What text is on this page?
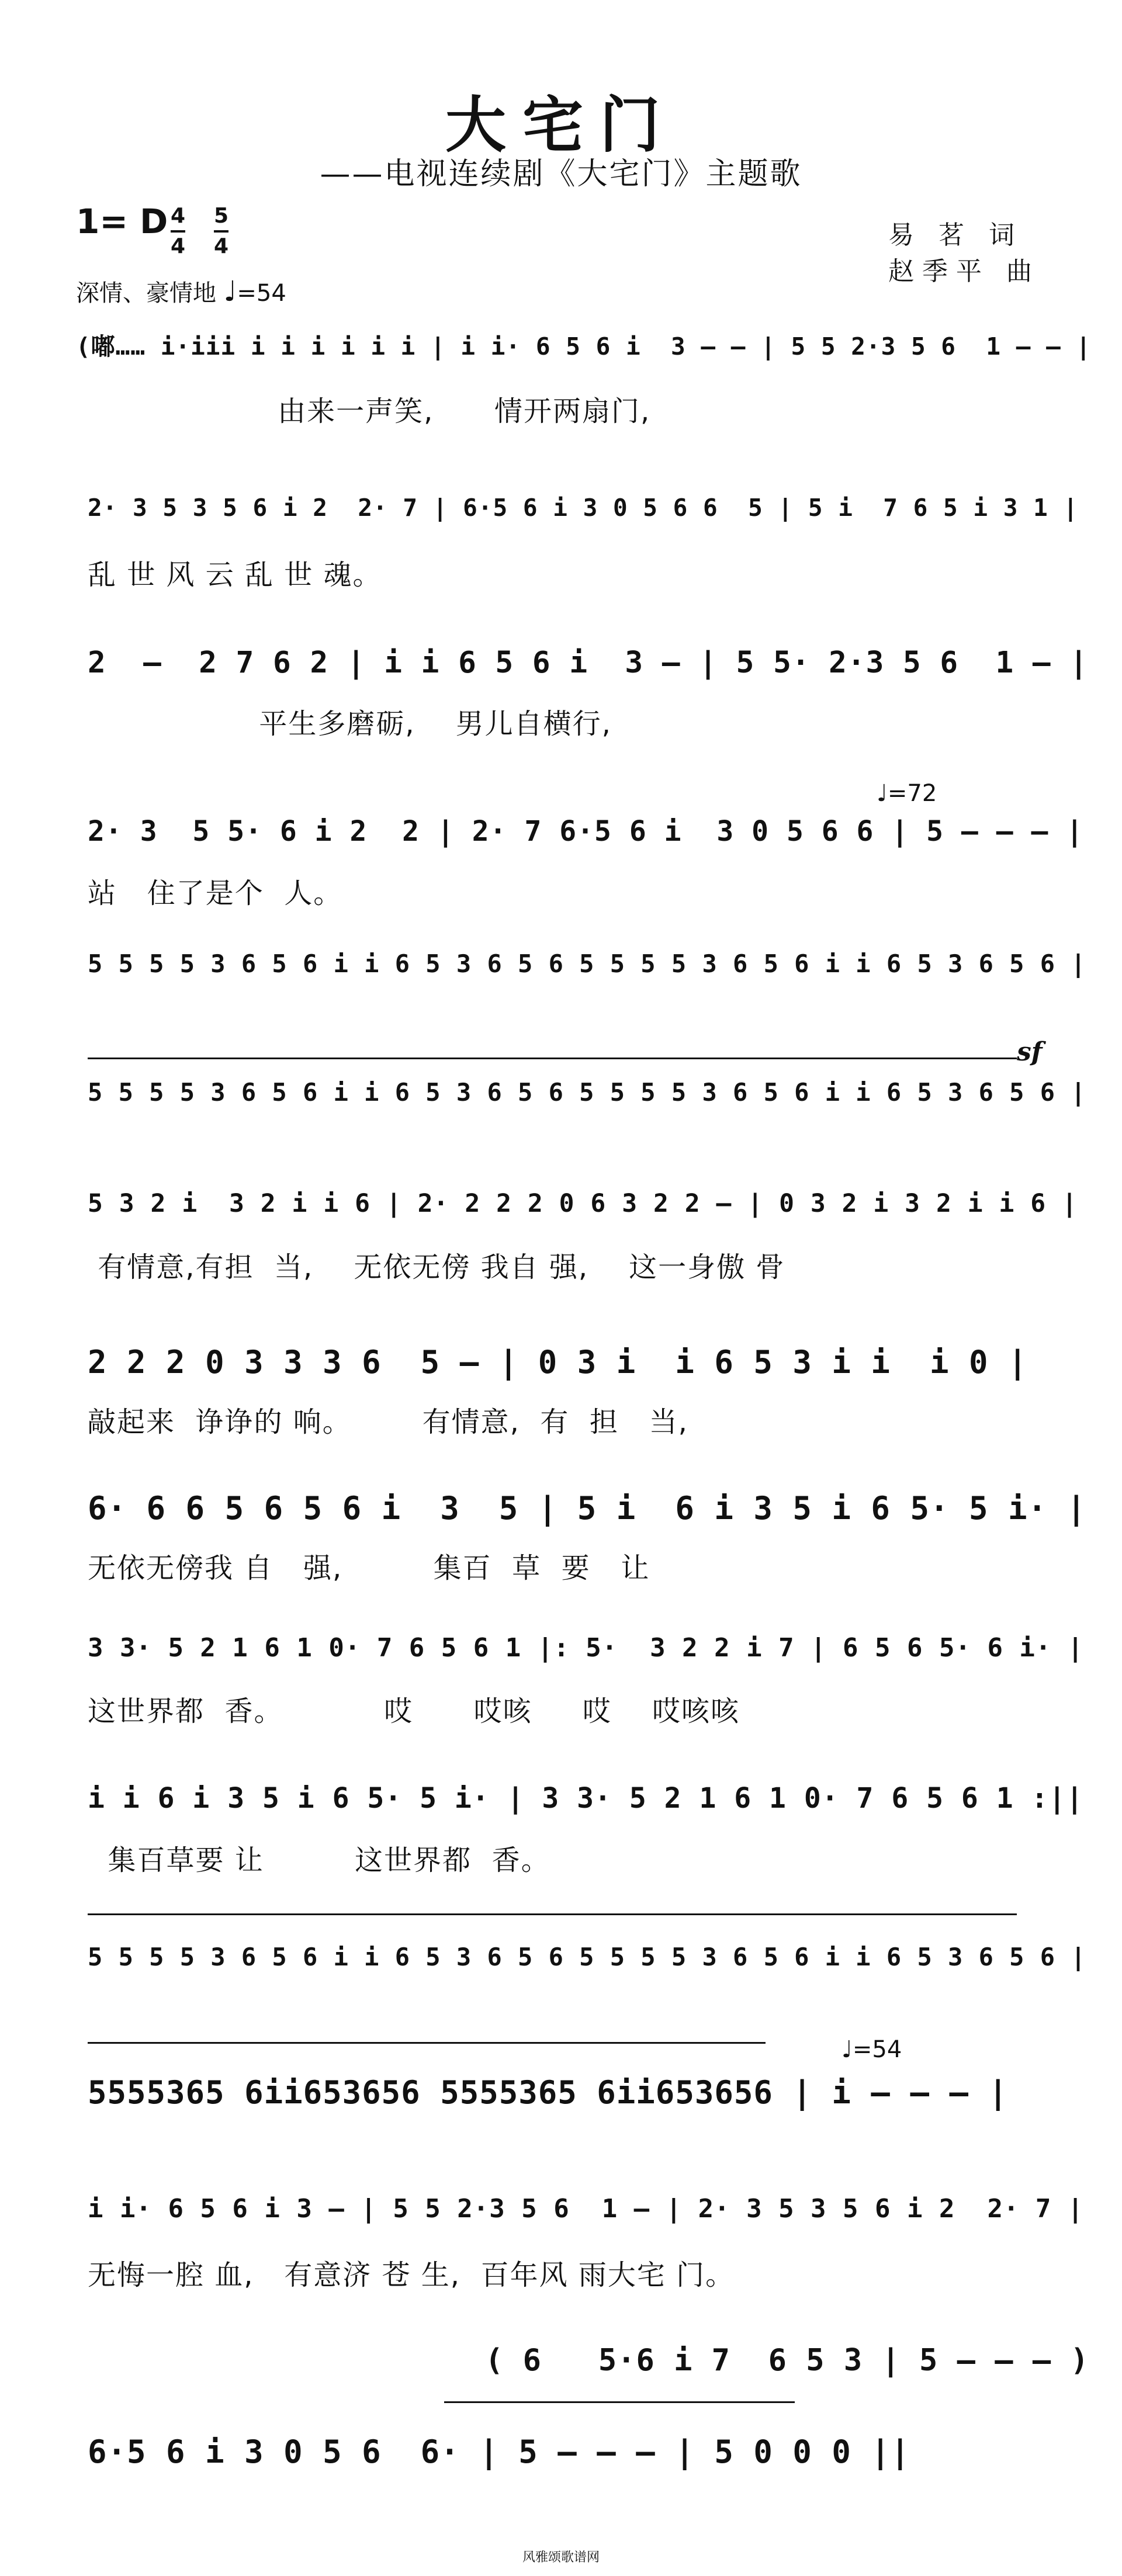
大宅门
——电视连续剧《大宅门》主题歌
1= D 4
4
5
4	易 茗 词
赵季平 曲
深情、豪情地 ♩=54
(嘟…… i·iii i i i i i i | i i· 6 5 6 i  3 — — | 5 5 2·3 5 6  1 — — |
由来一声笑,      情开两扇门,
2· 3 5 3 5 6 i 2  2· 7 | 6·5 6 i 3 0 5 6 6  5 | 5 i  7 6 5 i 3 1 |
乱 世 风 云 乱 世 魂。
2  —  2 7 6 2 | i i 6 5 6 i  3 — | 5 5· 2·3 5 6  1 — |
平生多磨砺,    男儿自横行,
2· 3  5 5· 6 i 2  2 | 2· 7 6·5 6 i  3 0 5 6 6 | 5 — — — |
站   住了是个  人。
♩=72
5 5 5 5 3 6 5 6 i i 6 5 3 6 5 6 5 5 5 5 3 6 5 6 i i 6 5 3 6 5 6 |
sf
5 5 5 5 3 6 5 6 i i 6 5 3 6 5 6 5 5 5 5 3 6 5 6 i i 6 5 3 6 5 6 |
5 3 2 i  3 2 i i 6 | 2· 2 2 2 0 6 3 2 2 — | 0 3 2 i 3 2 i i 6 |
有情意,有担  当,    无依无傍 我自 强,    这一身傲 骨
2 2 2 0 3 3 3 6  5 — | 0 3 i  i 6 5 3 i i  i 0 |
敲起来  诤诤的 响。       有情意,  有  担   当,
6· 6 6 5 6 5 6 i  3  5 | 5 i  6 i 3 5 i 6 5· 5 i· |
无依无傍我 自   强,         集百  草  要   让
3 3· 5 2 1 6 1 0· 7 6 5 6 1 |: 5·  3 2 2 i 7 | 6 5 6 5· 6 i· |
这世界都  香。          哎      哎咳     哎    哎咳咳
i i 6 i 3 5 i 6 5· 5 i· | 3 3· 5 2 1 6 1 0· 7 6 5 6 1 :||
集百草要 让         这世界都  香。
5 5 5 5 3 6 5 6 i i 6 5 3 6 5 6 5 5 5 5 3 6 5 6 i i 6 5 3 6 5 6 |
♩=54
5555365 6ii653656 5555365 6ii653656 | i — — — |
i i· 6 5 6 i 3 — | 5 5 2·3 5 6  1 — | 2· 3 5 3 5 6 i 2  2· 7 |
无悔一腔 血,   有意济 苍 生,  百年风 雨大宅 门。
( 6   5·6 i 7  6 5 3 | 5 — — — )
6·5 6 i 3 0 5 6  6· | 5 — — — | 5 0 0 0 ||
风雅颂歌谱网
